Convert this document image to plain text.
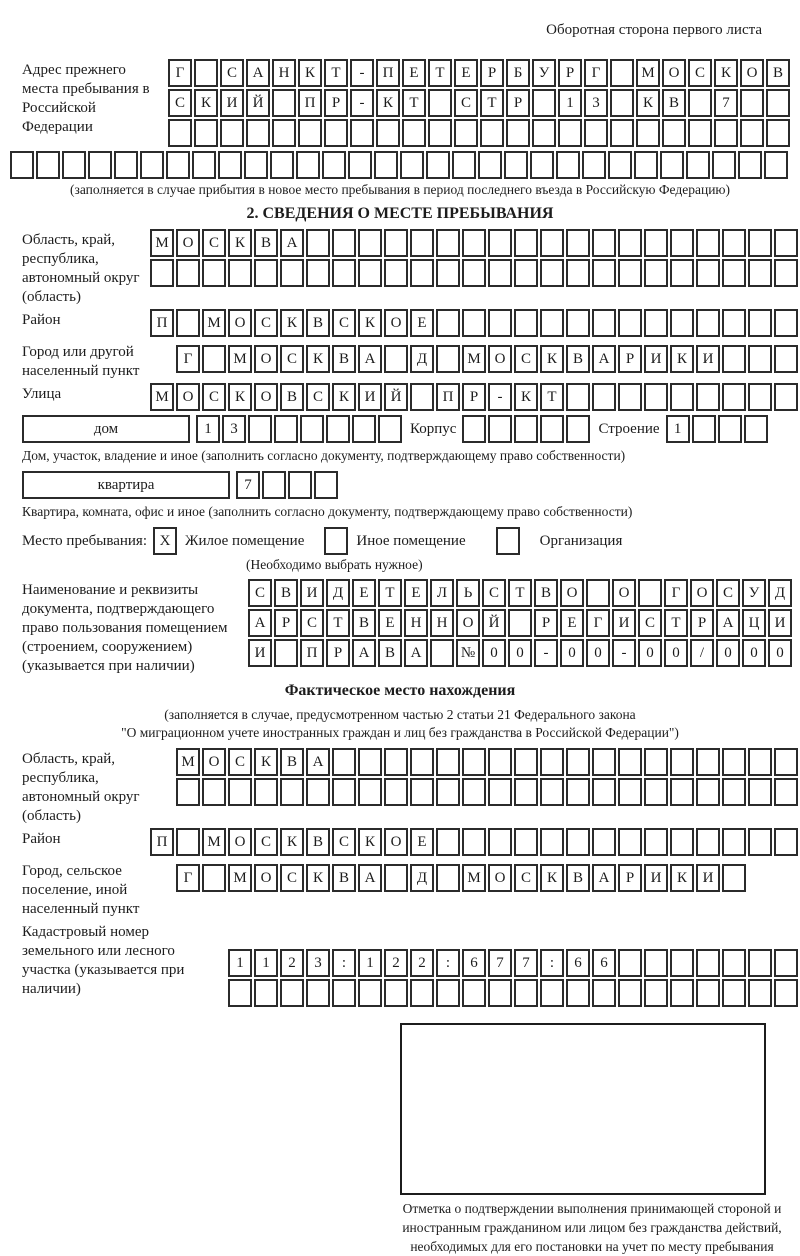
Оборотная сторона первого листа
Адрес прежнего места пребывания в Российской Федерации
Г	С	А	Н	К	Т	-	П	Е	Т	Е	Р	Б	У	Р	Г	М О	С	К	О	В
С	К	И	Й	П	Р	-	К	Т	С	Т	Р	1	3	К	В	7
(заполняется в случае прибытия в новое место пребывания в период последнего въезда в Российскую Федерацию)
2. СВЕДЕНИЯ О МЕСТЕ ПРЕБЫВАНИЯ
Область, край, республика, автономный округ (область)
М О	С	К	В	А
Район	П	М О	С	К	В	С	К	О	Е
Город или другой населенный пункт
Г	М О	С	К	В	А	Д	М О	С	К	В	А	Р	И	К	И
Улица	М О	С	К	О	В	С	К	И	Й	П	Р	-	К	Т
дом	1	3	Корпус	Строение 1
Дом, участок, владение и иное (заполнить согласно документу, подтверждающему право собственности)
квартира	7
Квартира, комната, офис и иное (заполнить согласно документу, подтверждающему право собственности)
Место пребывания: X Жилое помещение	Иное помещение	Организация
(Необходимо выбрать нужное)
Наименование и реквизиты документа, подтверждающего право пользования помещением (строением, сооружением) (указывается при наличии)
С	В	И	Д	Е	Т	Е	Л	Ь	С	Т	В	О	О	Г	О	С	У	Д
А	Р	С	Т	В	Е	Н	Н	О	Й	Р	Е	Г	И	С	Т	Р	А	Ц	И
И	П	Р	А	В	А	№	0	0	-	0	0	-	0	0	/	0	0	0
Фактическое место нахождения
(заполняется в случае, предусмотренном частью 2 статьи 21 Федерального закона
"О миграционном учете иностранных граждан и лиц без гражданства в Российской Федерации")
Область, край, республика, автономный округ (область)
М О	С	К	В	А
Район	П	М О	С	К	В	С	К	О	Е
Город, сельское поселение, иной населенный пункт
Г	М О	С	К	В	А	Д	М О	С	К	В	А	Р	И	К	И
Кадастровый номер земельного или лесного участка (указывается при наличии)
1	1	2	3	:	1	2	2	:	6	7	7	:	6	6
Отметка о подтверждении выполнения принимающей стороной и иностранным гражданином или лицом без гражданства действий, необходимых для его постановки на учет по месту пребывания
